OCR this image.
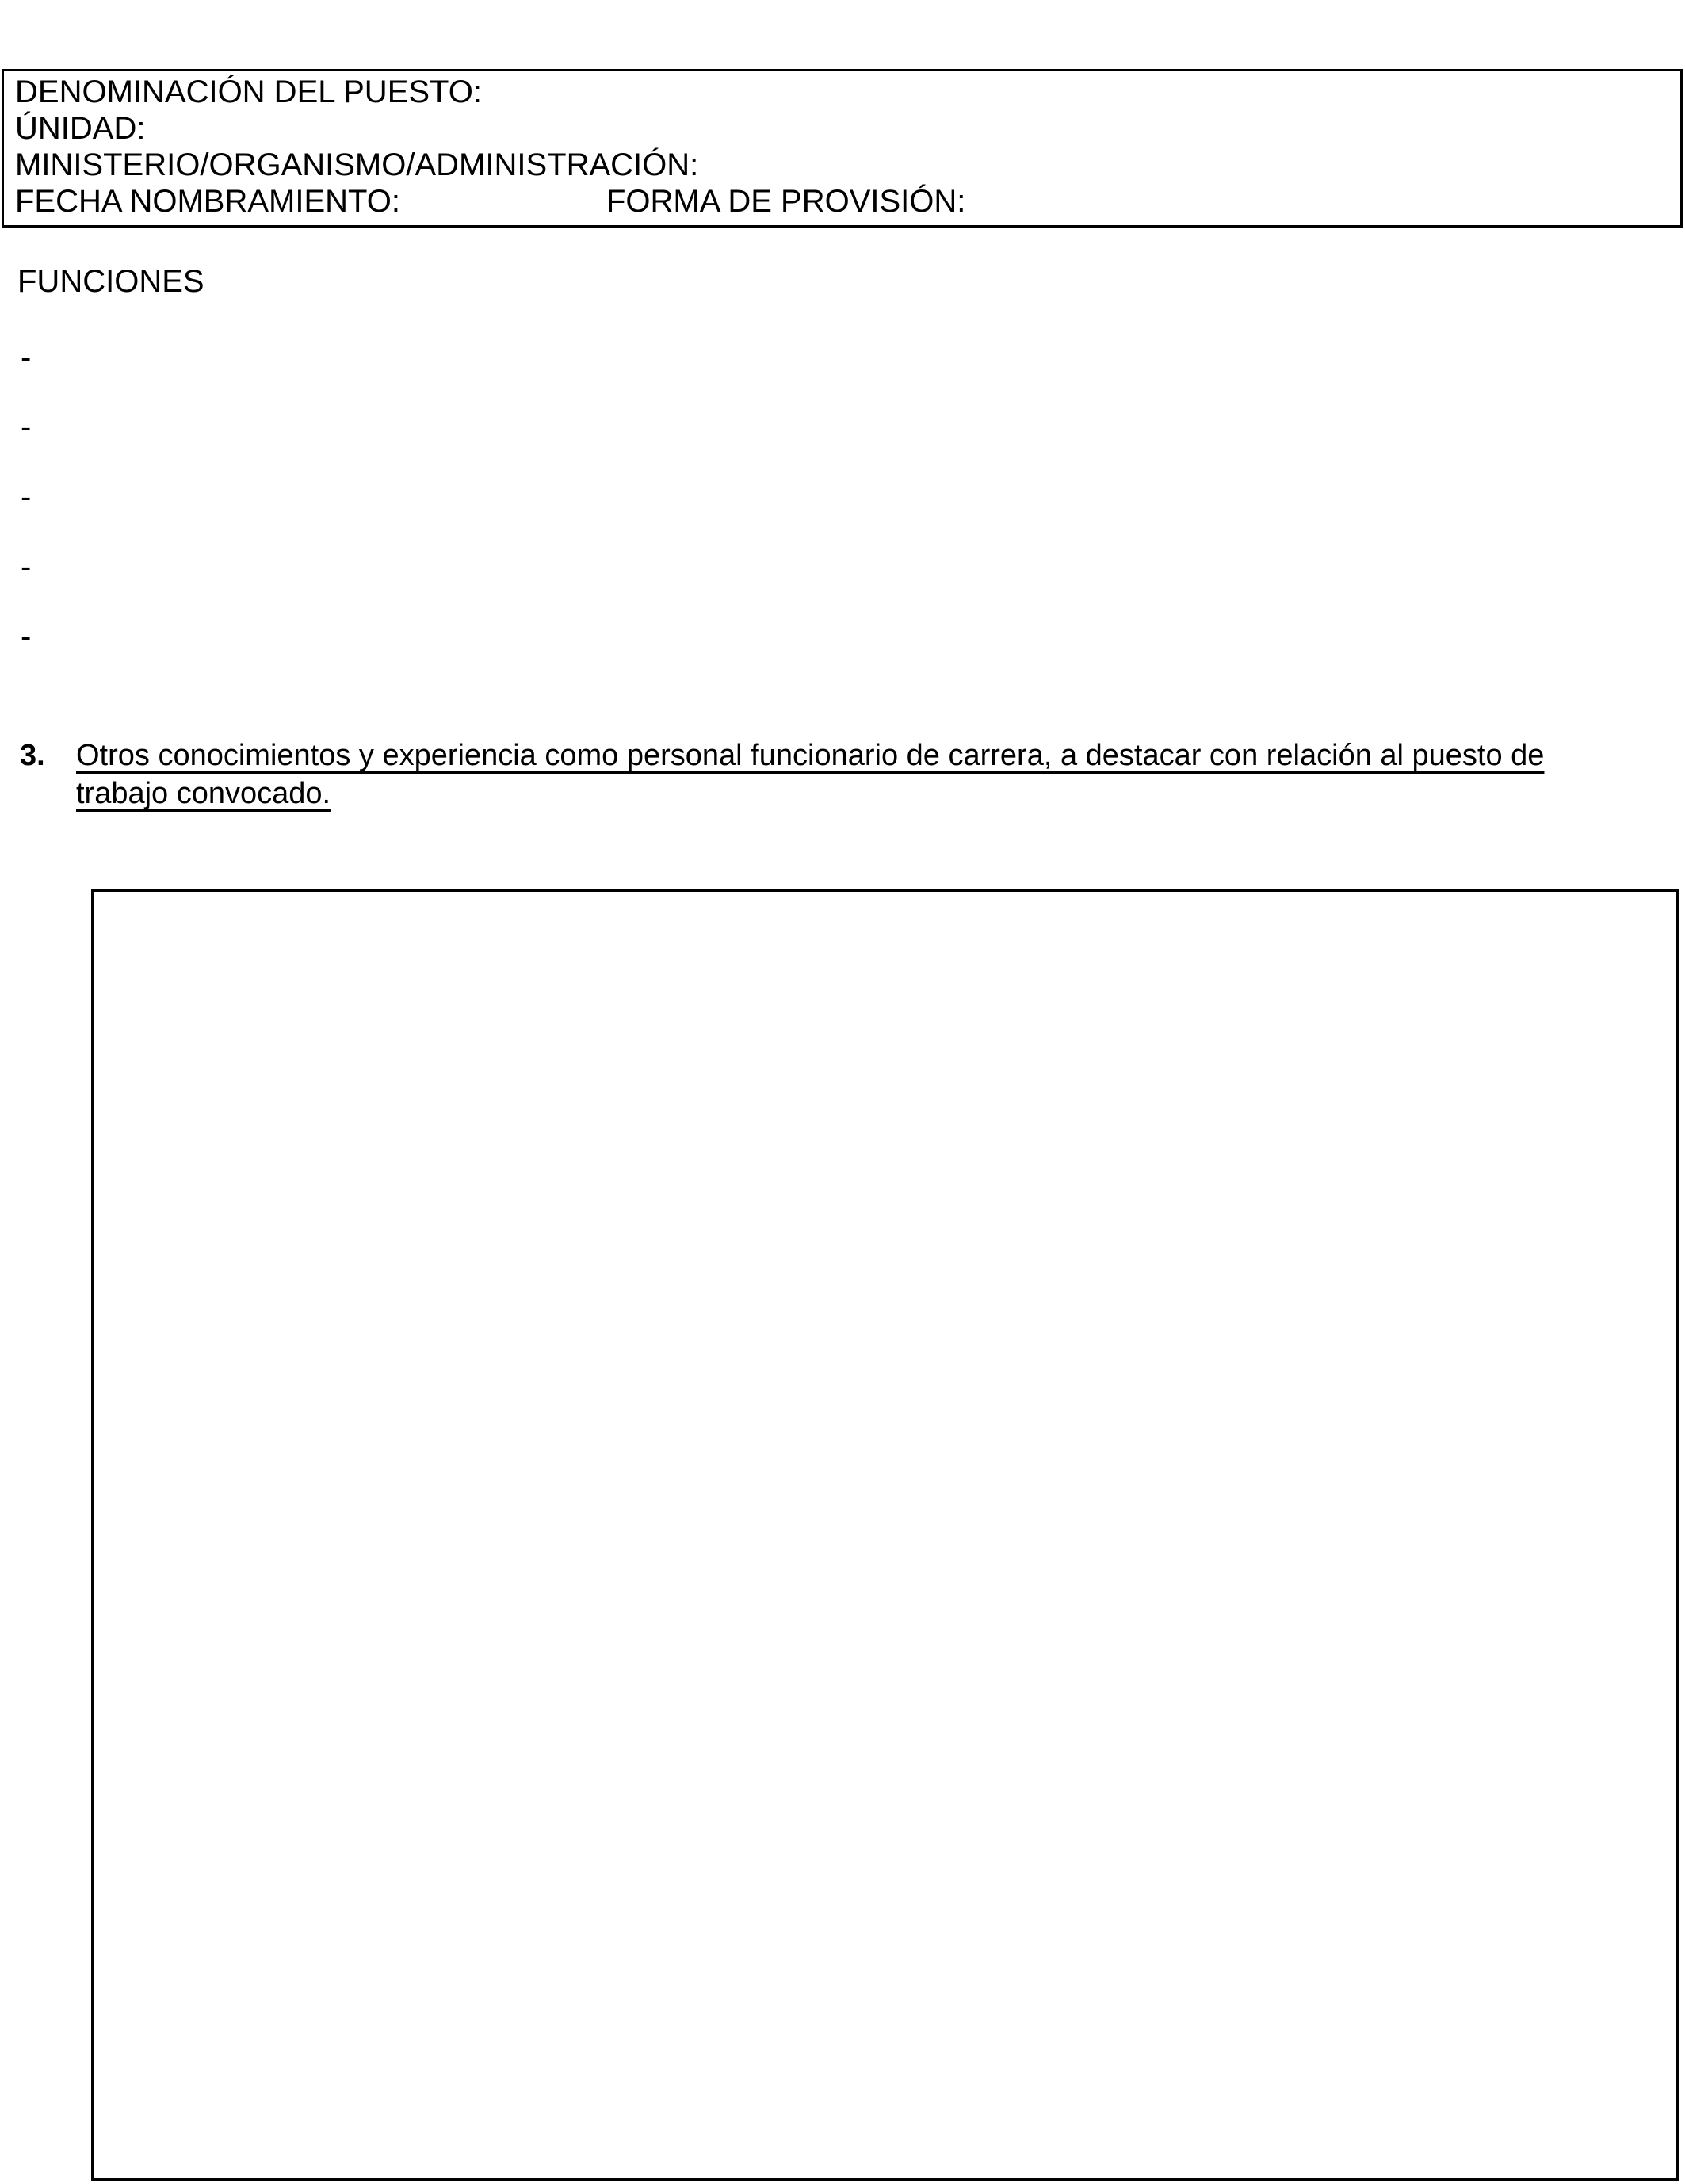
DENOMINACIÓN DEL PUESTO:
ÚNIDAD:
MINISTERIO/ORGANISMO/ADMINISTRACIÓN:
FECHA NOMBRAMIENTO:	FORMA DE PROVISIÓN:
FUNCIONES
-
-
-
-
-
3. Otros conocimientos y experiencia como personal funcionario de carrera, a destacar con relación al puesto de
trabajo convocado.
